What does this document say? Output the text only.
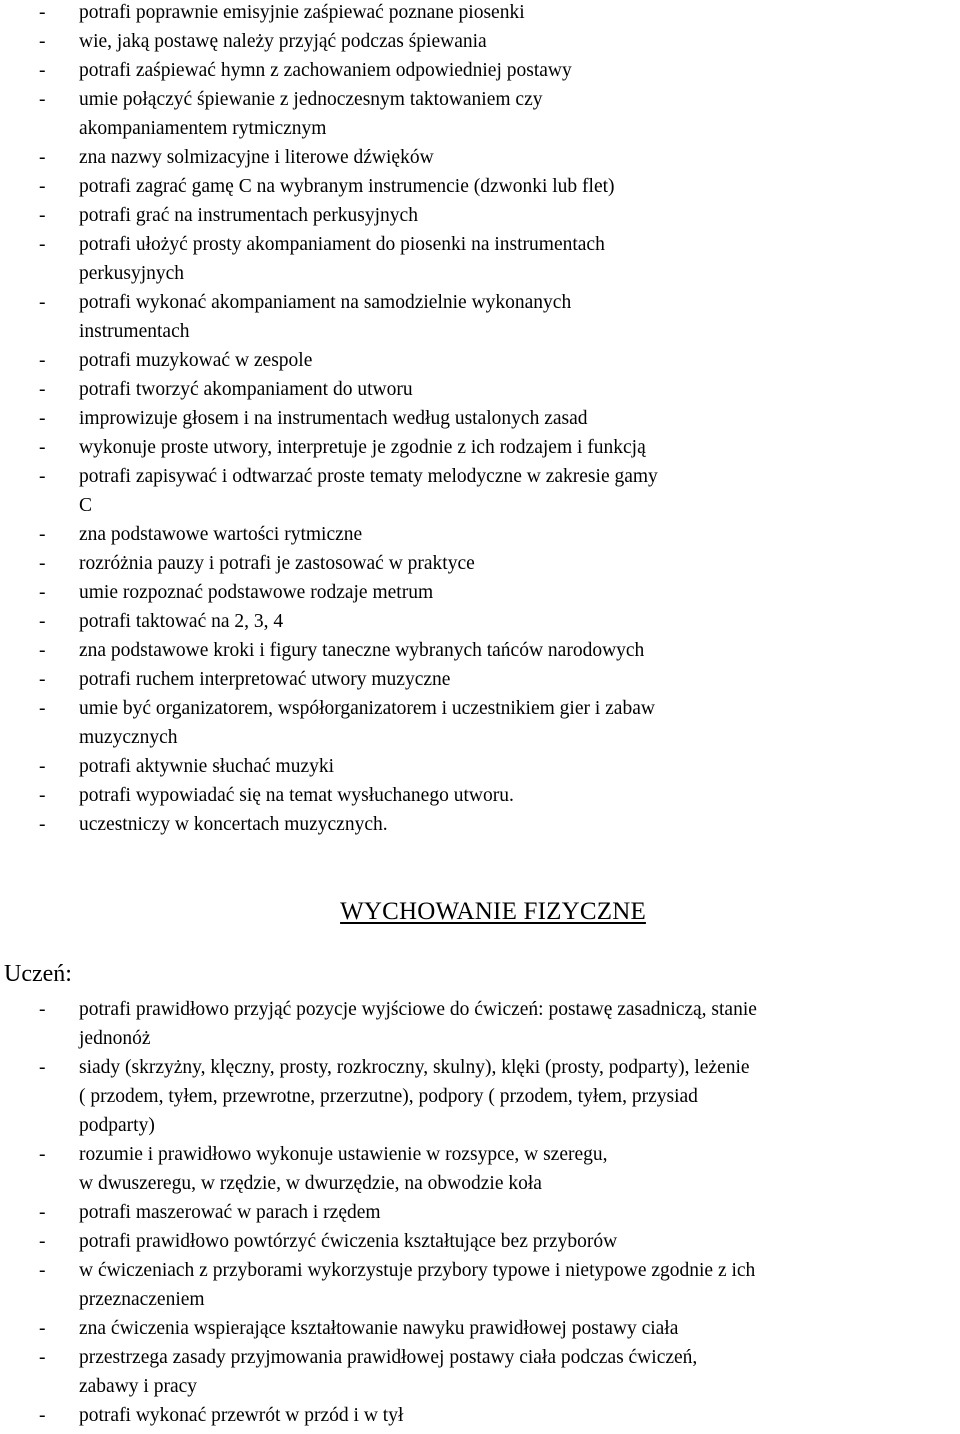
- potrafi poprawnie emisyjnie zaśpiewać poznane piosenki
- wie, jaką postawę należy przyjąć podczas śpiewania
- potrafi zaśpiewać hymn z zachowaniem odpowiedniej postawy
- umie połączyć śpiewanie z jednoczesnym taktowaniem czy
akompaniamentem rytmicznym
- zna nazwy solmizacyjne i literowe dźwięków
- potrafi zagrać gamę C na wybranym instrumencie (dzwonki lub flet)
- potrafi grać na instrumentach perkusyjnych
- potrafi ułożyć prosty akompaniament do piosenki na instrumentach
perkusyjnych
- potrafi wykonać akompaniament na samodzielnie wykonanych
instrumentach
- potrafi muzykować w zespole
- potrafi tworzyć akompaniament do utworu
- improwizuje głosem i na instrumentach według ustalonych zasad
- wykonuje proste utwory, interpretuje je zgodnie z ich rodzajem i funkcją
- potrafi zapisywać i odtwarzać proste tematy melodyczne w zakresie gamy
C
- zna podstawowe wartości rytmiczne
- rozróżnia pauzy i potrafi je zastosować w praktyce
- umie rozpoznać podstawowe rodzaje metrum
- potrafi taktować na 2, 3, 4
- zna podstawowe kroki i figury taneczne wybranych tańców narodowych
- potrafi ruchem interpretować utwory muzyczne
- umie być organizatorem, współorganizatorem i uczestnikiem gier i zabaw
muzycznych
- potrafi aktywnie słuchać muzyki
- potrafi wypowiadać się na temat wysłuchanego utworu.
- uczestniczy w koncertach muzycznych.
WYCHOWANIE FIZYCZNE
Uczeń:
- potrafi prawidłowo przyjąć pozycje wyjściowe do ćwiczeń: postawę zasadniczą, stanie
jednonóż
- siady (skrzyżny, klęczny, prosty, rozkroczny, skulny), klęki (prosty, podparty), leżenie
( przodem, tyłem, przewrotne, przerzutne), podpory ( przodem, tyłem, przysiad
podparty)
- rozumie i prawidłowo wykonuje ustawienie w rozsypce, w szeregu,
w dwuszeregu, w rzędzie, w dwurzędzie, na obwodzie koła
- potrafi maszerować w parach i rzędem
- potrafi prawidłowo powtórzyć ćwiczenia kształtujące bez przyborów
- w ćwiczeniach z przyborami wykorzystuje przybory typowe i nietypowe zgodnie z ich
przeznaczeniem
- zna ćwiczenia wspierające kształtowanie nawyku prawidłowej postawy ciała
- przestrzega zasady przyjmowania prawidłowej postawy ciała podczas ćwiczeń,
zabawy i pracy
- potrafi wykonać przewrót w przód i w tył
